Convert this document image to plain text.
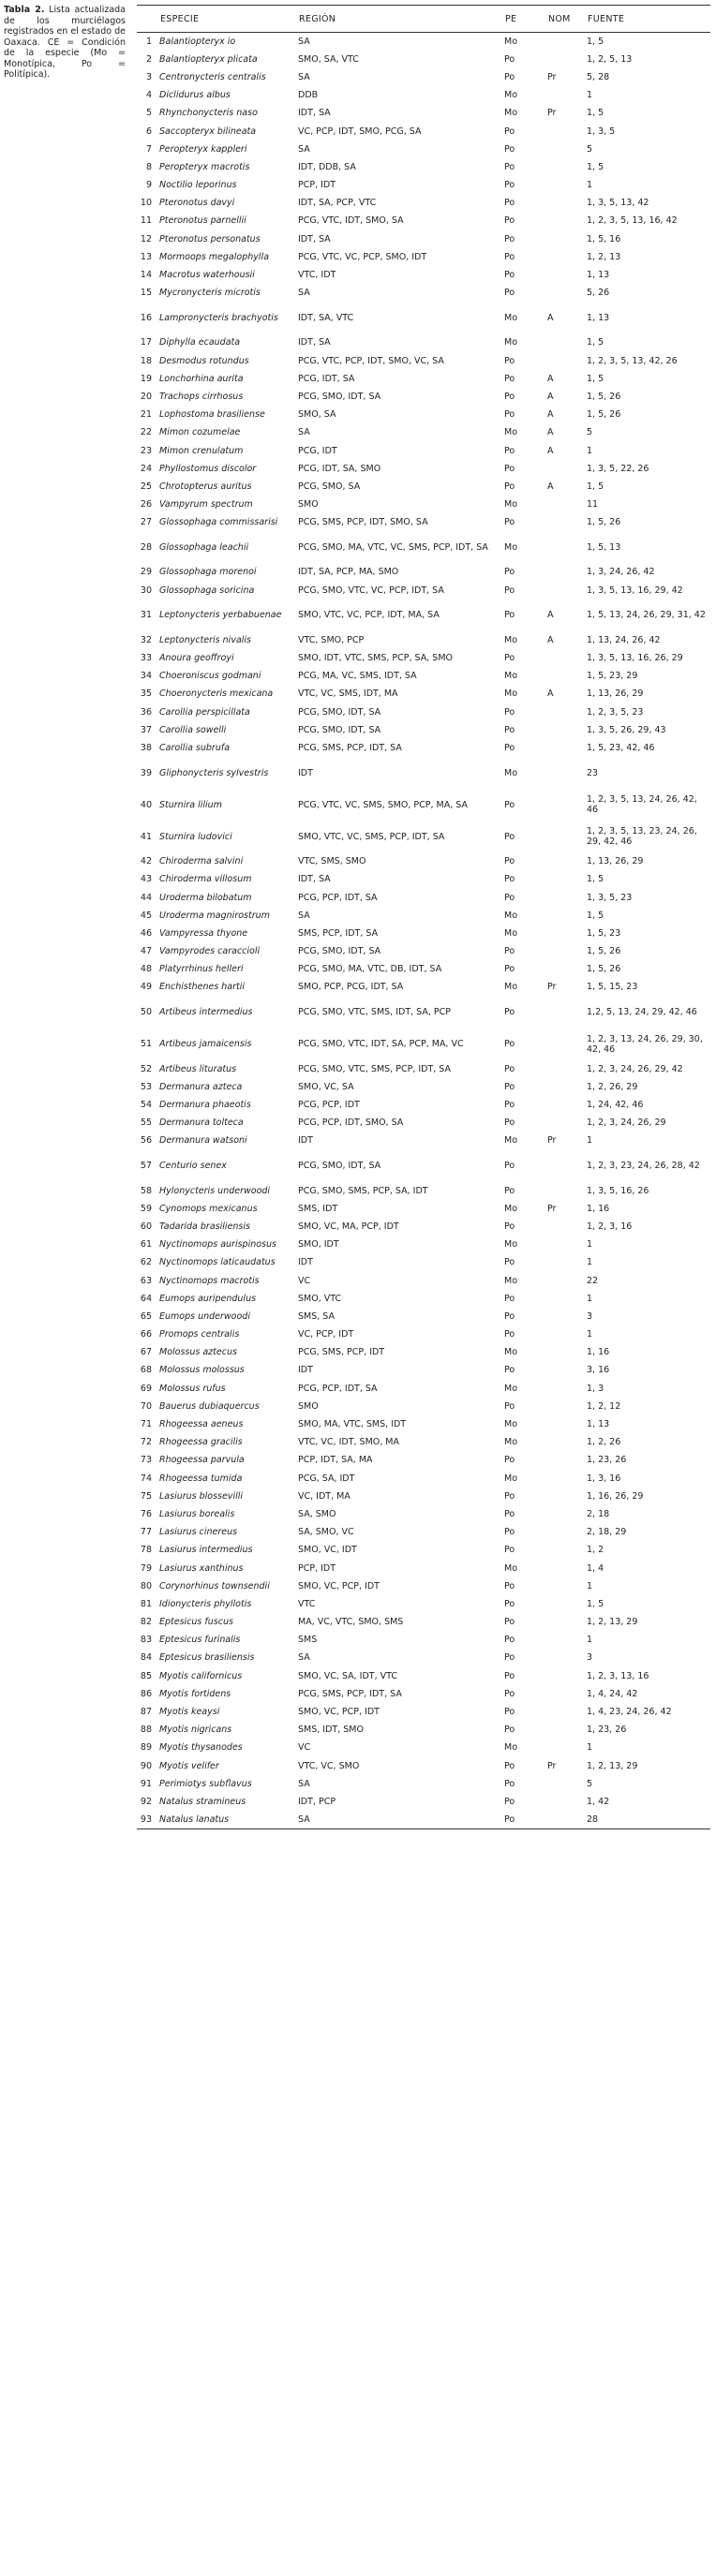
Tabla 2. Lista actualizada de los murciélagos registrados en el estado de Oaxaca. CE = Condición de la especie (Mo = Monotípica, Po = Politípica).
	ESPECIE	REGIÓN	PE	NOM	FUENTE
1	Balantiopteryx io	SA	Mo		1, 5
2	Balantiopteryx plicata	SMO, SA, VTC	Po		1, 2, 5, 13
3	Centronycteris centralis	SA	Po	Pr	5, 28
4	Diclidurus albus	DDB	Mo		1
5	Rhynchonycteris naso	IDT, SA	Mo	Pr	1, 5
6	Saccopteryx bilineata	VC, PCP, IDT, SMO, PCG, SA	Po		1, 3, 5
7	Peropteryx kappleri	SA	Po		5
8	Peropteryx macrotis	IDT, DDB, SA	Po		1, 5
9	Noctilio leporinus	PCP, IDT	Po		1
10	Pteronotus davyi	IDT, SA, PCP, VTC	Po		1, 3, 5, 13, 42
11	Pteronotus parnellii	PCG, VTC, IDT, SMO, SA	Po		1, 2, 3, 5, 13, 16, 42
12	Pteronotus personatus	IDT, SA	Po		1, 5, 16
13	Mormoops megalophylla	PCG, VTC, VC, PCP, SMO, IDT	Po		1, 2, 13
14	Macrotus waterhousii	VTC, IDT	Po		1, 13
15	Mycronycteris microtis	SA	Po		5, 26
16	Lampronycteris brachyotis	IDT, SA, VTC	Mo	A	1, 13
17	Diphylla ecaudata	IDT, SA	Mo		1, 5
18	Desmodus rotundus	PCG, VTC, PCP, IDT, SMO, VC, SA	Po		1, 2, 3, 5, 13, 42, 26
19	Lonchorhina aurita	PCG, IDT, SA	Po	A	1, 5
20	Trachops cirrhosus	PCG, SMO, IDT, SA	Po	A	1, 5, 26
21	Lophostoma brasiliense	SMO, SA	Po	A	1, 5, 26
22	Mimon cozumelae	SA	Mo	A	5
23	Mimon crenulatum	PCG, IDT	Po	A	1
24	Phyllostomus discolor	PCG, IDT, SA, SMO	Po		1, 3, 5, 22, 26
25	Chrotopterus auritus	PCG, SMO, SA	Po	A	1, 5
26	Vampyrum spectrum	SMO	Mo		11
27	Glossophaga commissarisi	PCG, SMS, PCP, IDT, SMO, SA	Po		1, 5, 26
28	Glossophaga leachii	PCG, SMO, MA, VTC, VC, SMS, PCP, IDT, SA	Mo		1, 5, 13
29	Glossophaga morenoi	IDT, SA, PCP, MA, SMO	Po		1, 3, 24, 26, 42
30	Glossophaga soricina	PCG, SMO, VTC, VC, PCP, IDT, SA	Po		1, 3, 5, 13, 16, 29, 42
31	Leptonycteris yerbabuenae	SMO, VTC, VC, PCP, IDT, MA, SA	Po	A	1, 5, 13, 24, 26, 29, 31, 42
32	Leptonycteris nivalis	VTC, SMO, PCP	Mo	A	1, 13, 24, 26, 42
33	Anoura geoffroyi	SMO, IDT, VTC, SMS, PCP, SA, SMO	Po		1, 3, 5, 13, 16, 26, 29
34	Choeroniscus godmani	PCG, MA, VC, SMS, IDT, SA	Mo		1, 5, 23, 29
35	Choeronycteris mexicana	VTC, VC, SMS, IDT, MA	Mo	A	1, 13, 26, 29
36	Carollia perspicillata	PCG, SMO, IDT, SA	Po		1, 2, 3, 5, 23
37	Carollia sowelli	PCG, SMO, IDT, SA	Po		1, 3, 5, 26, 29, 43
38	Carollia subrufa	PCG, SMS, PCP, IDT, SA	Po		1, 5, 23, 42, 46
39	Gliphonycteris sylvestris	IDT	Mo		23
40	Sturnira lilium	PCG, VTC, VC, SMS, SMO, PCP, MA, SA	Po		1, 2, 3, 5, 13, 24, 26, 42, 46
41	Sturnira ludovici	SMO, VTC, VC, SMS, PCP, IDT, SA	Po		1, 2, 3, 5, 13, 23, 24, 26, 29, 42, 46
42	Chiroderma salvini	VTC, SMS, SMO	Po		1, 13, 26, 29
43	Chiroderma villosum	IDT, SA	Po		1, 5
44	Uroderma bilobatum	PCG, PCP, IDT, SA	Po		1, 3, 5, 23
45	Uroderma magnirostrum	SA	Mo		1, 5
46	Vampyressa thyone	SMS, PCP, IDT, SA	Mo		1, 5, 23
47	Vampyrodes caraccioli	PCG, SMO, IDT, SA	Po		1, 5, 26
48	Platyrrhinus helleri	PCG, SMO, MA, VTC, DB, IDT, SA	Po		1, 5, 26
49	Enchisthenes hartii	SMO, PCP, PCG, IDT, SA	Mo	Pr	1, 5, 15, 23
50	Artibeus intermedius	PCG, SMO, VTC, SMS, IDT, SA, PCP	Po		1,2, 5, 13, 24, 29, 42, 46
51	Artibeus jamaicensis	PCG, SMO, VTC, IDT, SA, PCP, MA, VC	Po		1, 2, 3, 13, 24, 26, 29, 30, 42, 46
52	Artibeus lituratus	PCG, SMO, VTC, SMS, PCP, IDT, SA	Po		1, 2, 3, 24, 26, 29, 42
53	Dermanura azteca	SMO, VC, SA	Po		1, 2, 26, 29
54	Dermanura phaeotis	PCG, PCP, IDT	Po		1, 24, 42, 46
55	Dermanura tolteca	PCG, PCP, IDT, SMO, SA	Po		1, 2, 3, 24, 26, 29
56	Dermanura watsoni	IDT	Mo	Pr	1
57	Centurio senex	PCG, SMO, IDT, SA	Po		1, 2, 3, 23, 24, 26, 28, 42
58	Hylonycteris underwoodi	PCG, SMO, SMS, PCP, SA, IDT	Po		1, 3, 5, 16, 26
59	Cynomops mexicanus	SMS, IDT	Mo	Pr	1, 16
60	Tadarida brasiliensis	SMO, VC, MA, PCP, IDT	Po		1, 2, 3, 16
61	Nyctinomops aurispinosus	SMO, IDT	Mo		1
62	Nyctinomops laticaudatus	IDT	Po		1
63	Nyctinomops macrotis	VC	Mo		22
64	Eumops auripendulus	SMO, VTC	Po		1
65	Eumops underwoodi	SMS, SA	Po		3
66	Promops centralis	VC, PCP, IDT	Po		1
67	Molossus aztecus	PCG, SMS, PCP, IDT	Mo		1, 16
68	Molossus molossus	IDT	Po		3, 16
69	Molossus rufus	PCG, PCP, IDT, SA	Mo		1, 3
70	Bauerus dubiaquercus	SMO	Po		1, 2, 12
71	Rhogeessa aeneus	SMO, MA, VTC, SMS, IDT	Mo		1, 13
72	Rhogeessa gracilis	VTC, VC, IDT, SMO, MA	Mo		1, 2, 26
73	Rhogeessa parvula	PCP, IDT, SA, MA	Po		1, 23, 26
74	Rhogeessa tumida	PCG, SA, IDT	Mo		1, 3, 16
75	Lasiurus blossevilli	VC, IDT, MA	Po		1, 16, 26, 29
76	Lasiurus borealis	SA, SMO	Po		2, 18
77	Lasiurus cinereus	SA, SMO, VC	Po		2, 18, 29
78	Lasiurus intermedius	SMO, VC, IDT	Po		1, 2
79	Lasiurus xanthinus	PCP, IDT	Mo		1, 4
80	Corynorhinus townsendii	SMO, VC, PCP, IDT	Po		1
81	Idionycteris phyllotis	VTC	Po		1, 5
82	Eptesicus fuscus	MA, VC, VTC, SMO, SMS	Po		1, 2, 13, 29
83	Eptesicus furinalis	SMS	Po		1
84	Eptesicus brasiliensis	SA	Po		3
85	Myotis californicus	SMO, VC, SA, IDT, VTC	Po		1, 2, 3, 13, 16
86	Myotis fortidens	PCG, SMS, PCP, IDT, SA	Po		1, 4, 24, 42
87	Myotis keaysi	SMO, VC, PCP, IDT	Po		1, 4, 23, 24, 26, 42
88	Myotis nigricans	SMS, IDT, SMO	Po		1, 23, 26
89	Myotis thysanodes	VC	Mo		1
90	Myotis velifer	VTC, VC, SMO	Po	Pr	1, 2, 13, 29
91	Perimiotys subflavus	SA	Po		5
92	Natalus stramineus	IDT, PCP	Po		1, 42
93	Natalus lanatus	SA	Po		28
